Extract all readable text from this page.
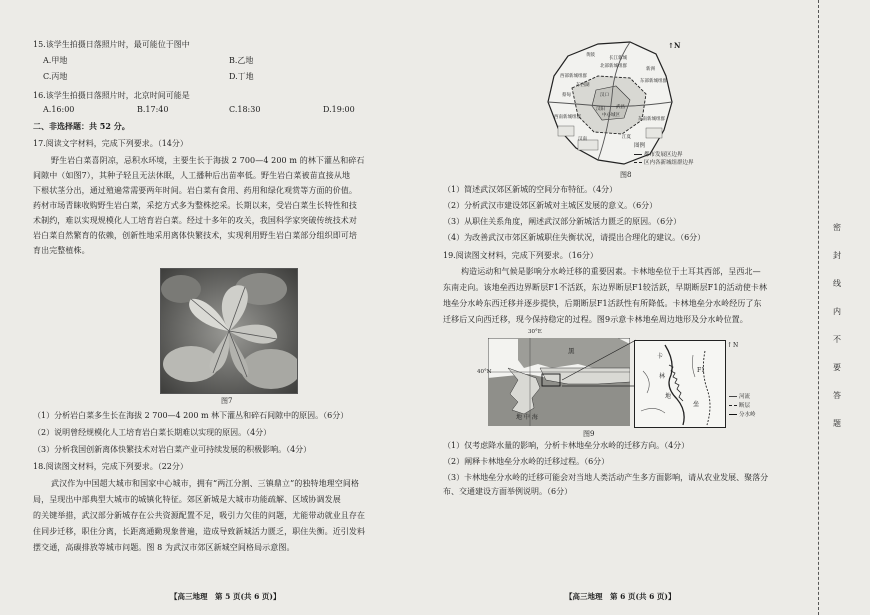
15.该学生拍摄日落照片时，最可能位于图中
A.甲地	B.乙地
C.丙地	D.丁地
16.该学生拍摄日落照片时，北京时间可能是
A.16:00	B.17:40	C.18:30	D.19:00
二、非选择题：共 52 分。
17.阅读文字材料，完成下列要求。（14分）
野生岩白菜喜阴凉，忌积水环境，主要生长于海拔 2 700—4 200 m 的林下灌丛和碎石
间隙中（如图7），其种子轻且无法休眠，人工播种后出苗率低。野生岩白菜被苗直接从地
下根状茎分出，通过殖遍常需要两年时间。岩白菜有食用、药用和绿化观赏等方面的价值。
药材市场青睐收购野生岩白菜，采挖方式多为整株挖采。长期以来，受岩白菜生长特性和技
术制约，难以实现规模化人工培育岩白菜。经过十多年的攻关，我国科学家突破传统技术对
岩白菜自然繁育的依赖，创新性地采用离体快繁技术，实现利用野生岩白菜部分组织即可培
育出完整植株。
图7
（1）分析岩白菜多生长在海拔 2 700—4 200 m 林下灌丛和碎石间隙中的原因。（6分）
（2）说明曾经规模化人工培育岩白菜长期难以实现的原因。（4分）
（3）分析我国创新离体快繁技术对岩白菜产业可持续发展的积极影响。（4分）
18.阅读图文材料，完成下列要求。（22分）
武汉作为中国超大城市和国家中心城市，拥有“两江分割、三镇鼎立”的独特地理空间格
局，呈现出中部典型大城市的城镇化特征。郊区新城是大城市功能疏解、区域协调发展
的关键举措，武汉部分新城存在公共资源配置不足，吸引力欠佳的问题，尤能带动就业且存在
住同步迁移，职住分离，长距离通勤现象普遍，造成导致新城活力匮乏，职住失衡。近引发料
摆交通，高碳排放等城市问题。图 8 为武汉市郊区新城空间格局示意图。
【高三地理　第 5 页(共 6 页)】
长江新城
北部新城组群
西部新城组群
东部新城组群
西南新城组群	东南新城组群
汉口
武昌
汉阳
中心城区
新洲
黄陂
蔡甸
东西湖
江夏
汉南
↑ N
图例
都市发展区边界
区内各新城组群边界
图8
（1）简述武汉郊区新城的空间分布特征。（4分）
（2）分析武汉市建设郊区新城对主城区发展的意义。（6分）
（3）从职住关系角度，阐述武汉部分新城活力匮乏的原因。（6分）
（4）为改善武汉市郊区新城职住失衡状况，请提出合理化的建议。（6分）
19.阅读图文材料，完成下列要求。（16分）
构造运动和气候是影响分水岭迁移的重要因素。卡林地垒位于土耳其西部，呈西北—
东南走向。该地垒西边界断层F1不活跃，东边界断层F1较活跃，早期断层F1的活动使卡林
地垒分水岭东西迁移并逐步提快，后期断层F1活跃性有所降低。卡林地垒分水岭经历了东
迁移后又向西迁移，现今保持稳定的过程。图9示意卡林地垒周边地形及分水岭位置。
黑
地 中 海
30°E
40°N
卡
林
地
垒
F1
↑ N
河流
断层
分水岭
图9
（1）仅考虑降水量的影响，分析卡林地垒分水岭的迁移方向。（4分）
（2）阐释卡林地垒分水岭的迁移过程。（6分）
（3）卡林地垒分水岭的迁移可能会对当地人类活动产生多方面影响，请从农业发展、聚落分
布、交通建设方面举例说明。（6分）
【高三地理　第 6 页(共 6 页)】
密
封
线
内
不
要
答
题
